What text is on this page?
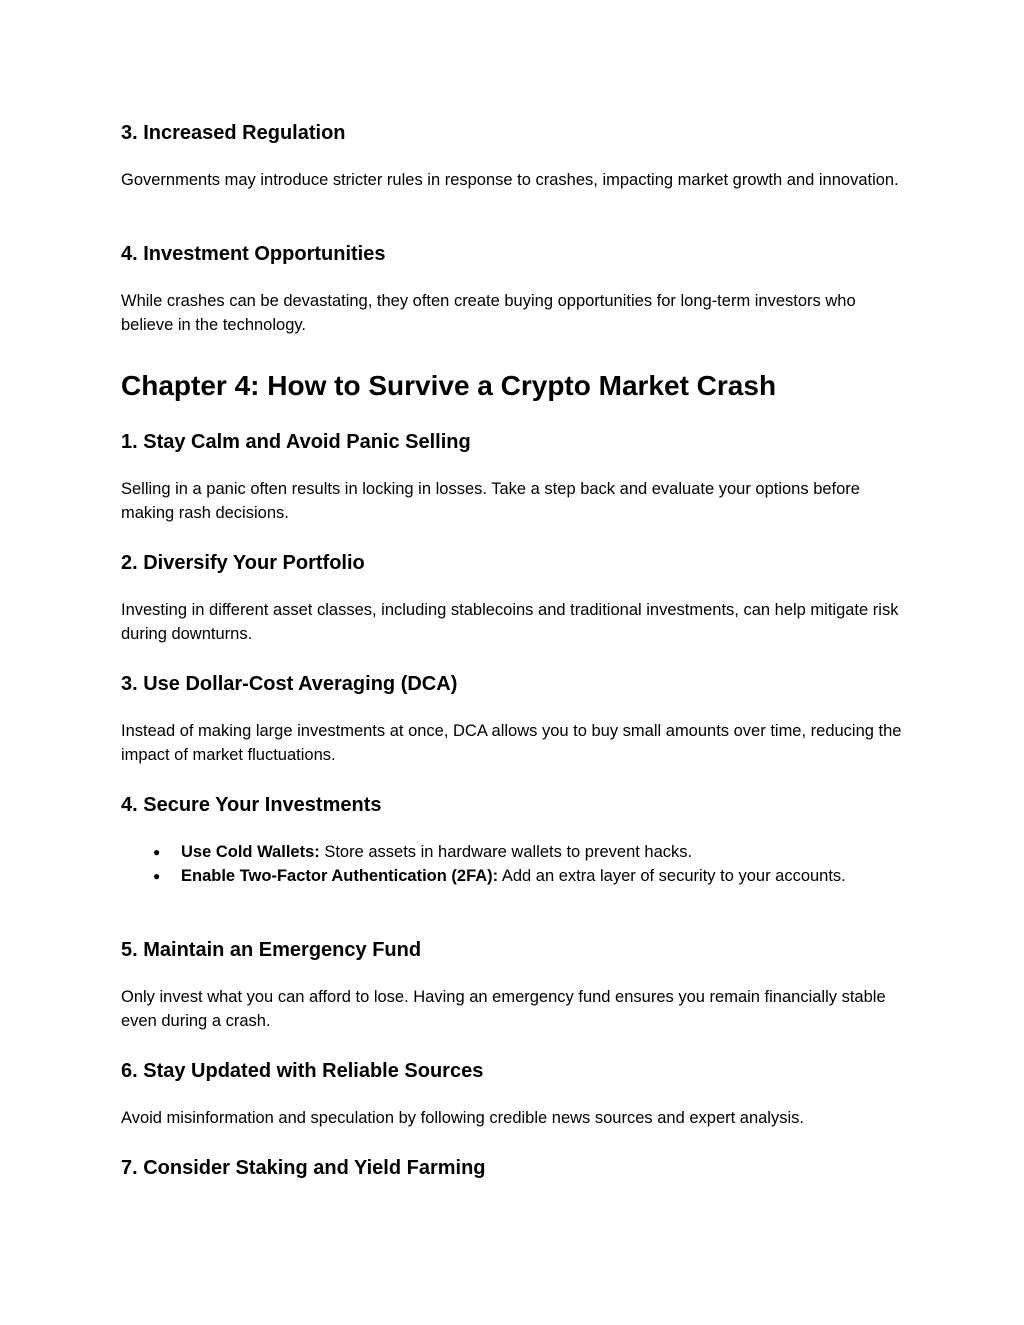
3. Increased Regulation

Governments may introduce stricter rules in response to crashes, impacting market growth and innovation.

4. Investment Opportunities

While crashes can be devastating, they often create buying opportunities for long-term investors who believe in the technology.

Chapter 4: How to Survive a Crypto Market Crash
1. Stay Calm and Avoid Panic Selling

Selling in a panic often results in locking in losses. Take a step back and evaluate your options before making rash decisions.

2. Diversify Your Portfolio

Investing in different asset classes, including stablecoins and traditional investments, can help mitigate risk during downturns.

3. Use Dollar-Cost Averaging (DCA)

Instead of making large investments at once, DCA allows you to buy small amounts over time, reducing the impact of market fluctuations.

4. Secure Your Investments
● Use Cold Wallets: Store assets in hardware wallets to prevent hacks.
● Enable Two-Factor Authentication (2FA): Add an extra layer of security to your accounts.
5. Maintain an Emergency Fund

Only invest what you can afford to lose. Having an emergency fund ensures you remain financially stable even during a crash.

6. Stay Updated with Reliable Sources

Avoid misinformation and speculation by following credible news sources and expert analysis.

7. Consider Staking and Yield Farming
